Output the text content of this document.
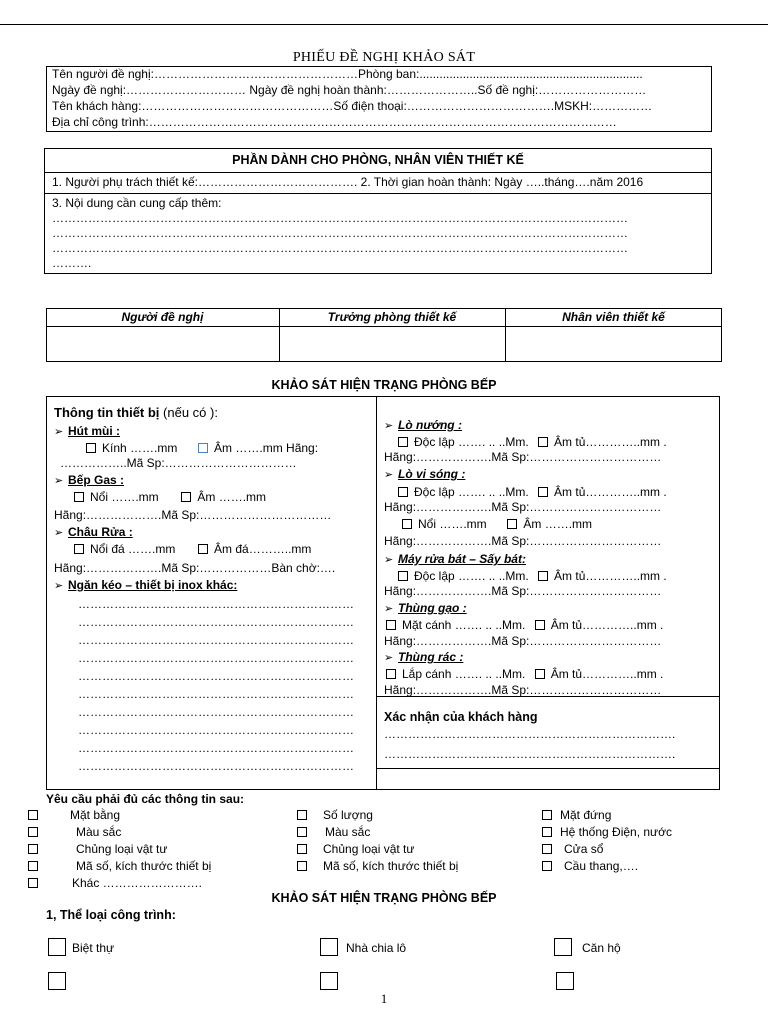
PHIẾU ĐỀ NGHỊ KHẢO SÁT
Tên người đề nghị:……………………………………………Phòng ban:...................................................................
Ngày đề nghị:………………………… Ngày đề nghị hoàn thành:…………………..Số đề nghị:………………………
Tên khách hàng:…………………………………………Số điện thoại:……………………………….MSKH:……………
Địa chỉ công trình:………………………………………………………………………………………………………
PHẦN DÀNH CHO PHÒNG, NHÂN VIÊN THIẾT KẾ
1. Người phụ trách thiết kế:…………………………………. 2. Thời gian hoàn thành: Ngày …..tháng….năm 2016
3. Nội dung cần cung cấp thêm:
………………………………………………………………………………………………………………………………
………………………………………………………………………………………………………………………………
………………………………………………………………………………………………………………………………
……….
Người đề nghị	Trưởng phòng thiết kế	Nhân viên thiết kế
KHẢO SÁT HIỆN TRẠNG PHÒNG BẾP
Thông tin thiết bị (nếu có ):
➢ Hút mùi :
Kính …….mm	Âm …….mm Hãng:
……………..Mã Sp:……………………………
➢ Bếp Gas :
Nổi …….mm	Âm …….mm
Hãng:……………….Mã Sp:……………………………
➢ Châu Rửa :
Nổi đá …….mm	Âm đá………..mm
Hãng:……………….Mã Sp:………………Bàn chờ:….
➢ Ngăn kéo – thiết bị inox khác:
……………………………………………………………
……………………………………………………………
……………………………………………………………
……………………………………………………………
……………………………………………………………
……………………………………………………………
……………………………………………………………
……………………………………………………………
……………………………………………………………
……………………………………………………………
➢ Lò nướng :
Độc lập ……. .. ..Mm. Âm tủ…………..mm .
Hãng:……………….Mã Sp:……………………………
➢ Lò vi sóng :
Độc lập ……. .. ..Mm. Âm tủ…………..mm .
Hãng:……………….Mã Sp:……………………………
Nổi …….mm	Âm …….mm
Hãng:……………….Mã Sp:……………………………
➢ Máy rửa bát – Sấy bát:
Độc lập ……. .. ..Mm. Âm tủ…………..mm .
Hãng:……………….Mã Sp:……………………………
➢ Thùng gạo :
Mặt cánh ……. .. ..Mm. Âm tủ…………..mm .
Hãng:……………….Mã Sp:……………………………
➢ Thùng rác :
Lắp cánh ……. .. ..Mm. Âm tủ…………..mm .
Hãng:……………….Mã Sp:……………………………
Xác nhận của khách hàng
……………………………………………………………….
……………………………………………………………….
Yêu cầu phải đủ các thông tin sau:
Mặt bằng
Màu sắc
Chủng loại vật tư
Mã số, kích thước thiết bị
Khác …………………….
Số lượng
Màu sắc
Chủng loại vật tư
Mã số, kích thước thiết bị
Mặt đứng
Hệ thống Điện, nước
Cửa sổ
Cầu thang,….
KHẢO SÁT HIỆN TRẠNG PHÒNG BẾP
1, Thể loại công trình:
Biệt thự	Nhà chia lô	Căn hộ
1
